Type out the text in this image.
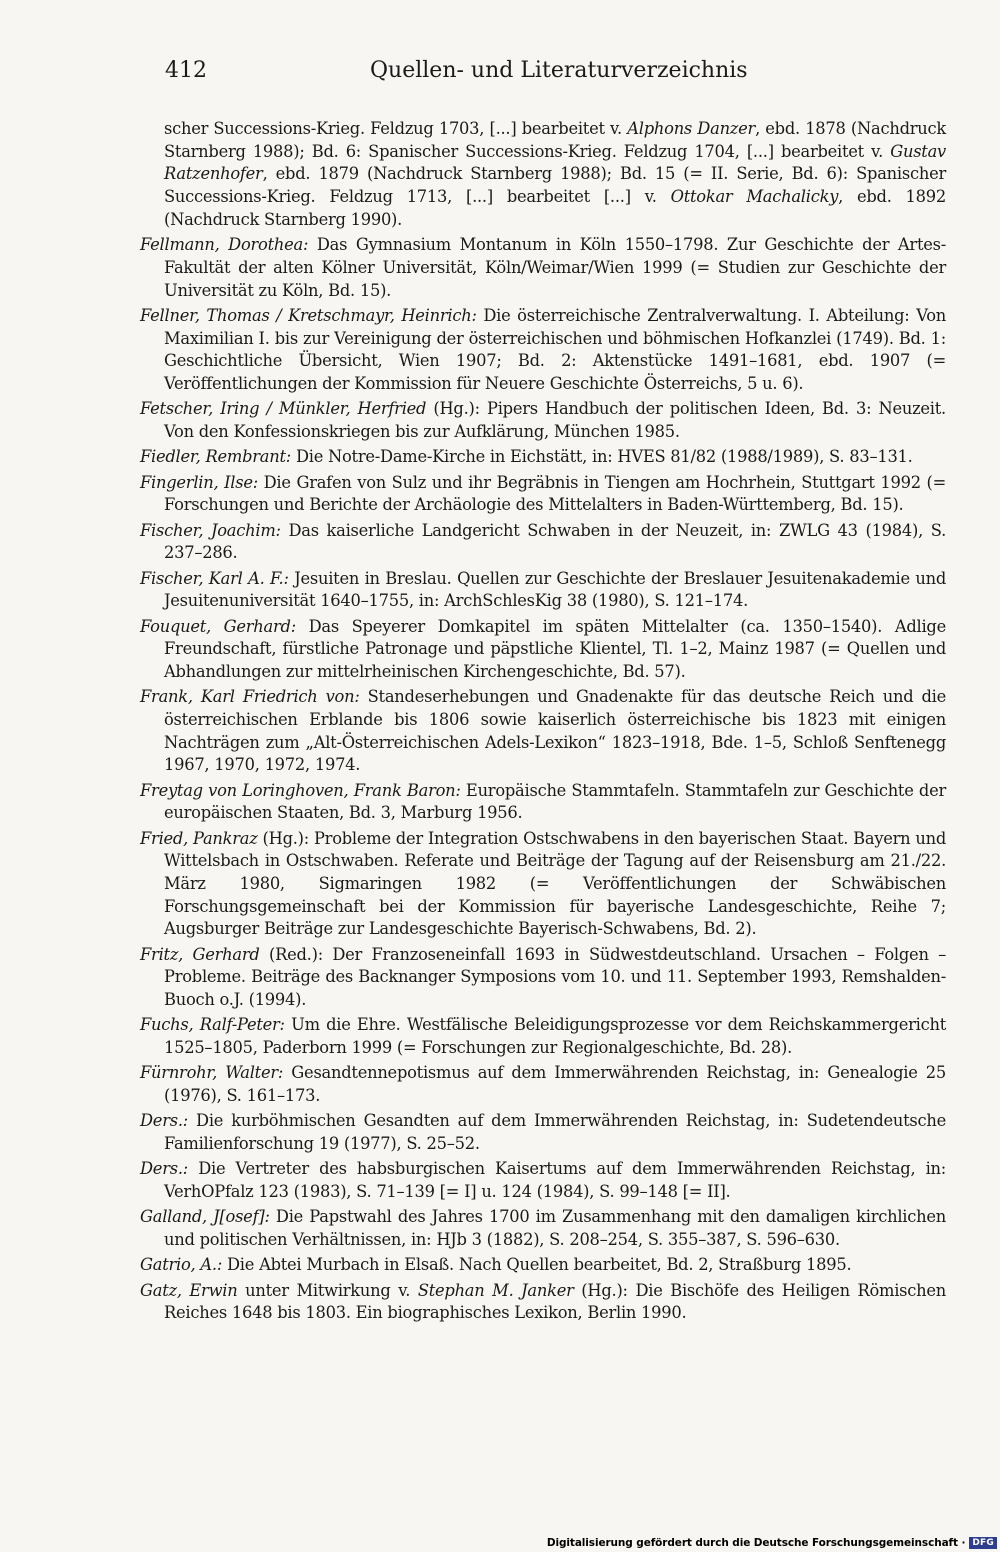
412	Quellen- und Literaturverzeichnis

scher Successions-Krieg. Feldzug 1703, [...] bearbeitet v. Alphons Danzer, ebd. 1878 (Nachdruck Starnberg 1988); Bd. 6: Spanischer Successions-Krieg. Feldzug 1704, [...] bearbeitet v. Gustav Ratzenhofer, ebd. 1879 (Nachdruck Starnberg 1988); Bd. 15 (= II. Serie, Bd. 6): Spanischer Successions-Krieg. Feldzug 1713, [...] bearbeitet [...] v. Ottokar Machalicky, ebd. 1892 (Nachdruck Starnberg 1990).

Fellmann, Dorothea: Das Gymnasium Montanum in Köln 1550–1798. Zur Geschichte der Artes-Fakultät der alten Kölner Universität, Köln/Weimar/Wien 1999 (= Studien zur Geschichte der Universität zu Köln, Bd. 15).

Fellner, Thomas / Kretschmayr, Heinrich: Die österreichische Zentralverwaltung. I. Abteilung: Von Maximilian I. bis zur Vereinigung der österreichischen und böhmischen Hofkanzlei (1749). Bd. 1: Geschichtliche Übersicht, Wien 1907; Bd. 2: Aktenstücke 1491–1681, ebd. 1907 (= Veröffentlichungen der Kommission für Neuere Geschichte Österreichs, 5 u. 6).

Fetscher, Iring / Münkler, Herfried (Hg.): Pipers Handbuch der politischen Ideen, Bd. 3: Neuzeit. Von den Konfessionskriegen bis zur Aufklärung, München 1985.

Fiedler, Rembrant: Die Notre-Dame-Kirche in Eichstätt, in: HVES 81/82 (1988/1989), S. 83–131.

Fingerlin, Ilse: Die Grafen von Sulz und ihr Begräbnis in Tiengen am Hochrhein, Stuttgart 1992 (= Forschungen und Berichte der Archäologie des Mittelalters in Baden-Württemberg, Bd. 15).

Fischer, Joachim: Das kaiserliche Landgericht Schwaben in der Neuzeit, in: ZWLG 43 (1984), S. 237–286.

Fischer, Karl A. F.: Jesuiten in Breslau. Quellen zur Geschichte der Breslauer Jesuitenakademie und Jesuitenuniversität 1640–1755, in: ArchSchlesKig 38 (1980), S. 121–174.

Fouquet, Gerhard: Das Speyerer Domkapitel im späten Mittelalter (ca. 1350–1540). Adlige Freundschaft, fürstliche Patronage und päpstliche Klientel, Tl. 1–2, Mainz 1987 (= Quellen und Abhandlungen zur mittelrheinischen Kirchengeschichte, Bd. 57).

Frank, Karl Friedrich von: Standeserhebungen und Gnadenakte für das deutsche Reich und die österreichischen Erblande bis 1806 sowie kaiserlich österreichische bis 1823 mit einigen Nachträgen zum „Alt-Österreichischen Adels-Lexikon“ 1823–1918, Bde. 1–5, Schloß Senftenegg 1967, 1970, 1972, 1974.

Freytag von Loringhoven, Frank Baron: Europäische Stammtafeln. Stammtafeln zur Geschichte der europäischen Staaten, Bd. 3, Marburg 1956.

Fried, Pankraz (Hg.): Probleme der Integration Ostschwabens in den bayerischen Staat. Bayern und Wittelsbach in Ostschwaben. Referate und Beiträge der Tagung auf der Reisensburg am 21./22. März 1980, Sigmaringen 1982 (= Veröffentlichungen der Schwäbischen Forschungsgemeinschaft bei der Kommission für bayerische Landesgeschichte, Reihe 7; Augsburger Beiträge zur Landesgeschichte Bayerisch-Schwabens, Bd. 2).

Fritz, Gerhard (Red.): Der Franzoseneinfall 1693 in Südwestdeutschland. Ursachen – Folgen – Probleme. Beiträge des Backnanger Symposions vom 10. und 11. September 1993, Remshalden-Buoch o.J. (1994).

Fuchs, Ralf-Peter: Um die Ehre. Westfälische Beleidigungsprozesse vor dem Reichskammergericht 1525–1805, Paderborn 1999 (= Forschungen zur Regionalgeschichte, Bd. 28).

Fürnrohr, Walter: Gesandtennepotismus auf dem Immerwährenden Reichstag, in: Genealogie 25 (1976), S. 161–173.

Ders.: Die kurböhmischen Gesandten auf dem Immerwährenden Reichstag, in: Sudetendeutsche Familienforschung 19 (1977), S. 25–52.

Ders.: Die Vertreter des habsburgischen Kaisertums auf dem Immerwährenden Reichstag, in: VerhOPfalz 123 (1983), S. 71–139 [= I] u. 124 (1984), S. 99–148 [= II].

Galland, J[osef]: Die Papstwahl des Jahres 1700 im Zusammenhang mit den damaligen kirchlichen und politischen Verhältnissen, in: HJb 3 (1882), S. 208–254, S. 355–387, S. 596–630.

Gatrio, A.: Die Abtei Murbach in Elsaß. Nach Quellen bearbeitet, Bd. 2, Straßburg 1895.

Gatz, Erwin unter Mitwirkung v. Stephan M. Janker (Hg.): Die Bischöfe des Heiligen Römischen Reiches 1648 bis 1803. Ein biographisches Lexikon, Berlin 1990.

Digitalisierung gefördert durch die Deutsche Forschungsgemeinschaft · DFG
